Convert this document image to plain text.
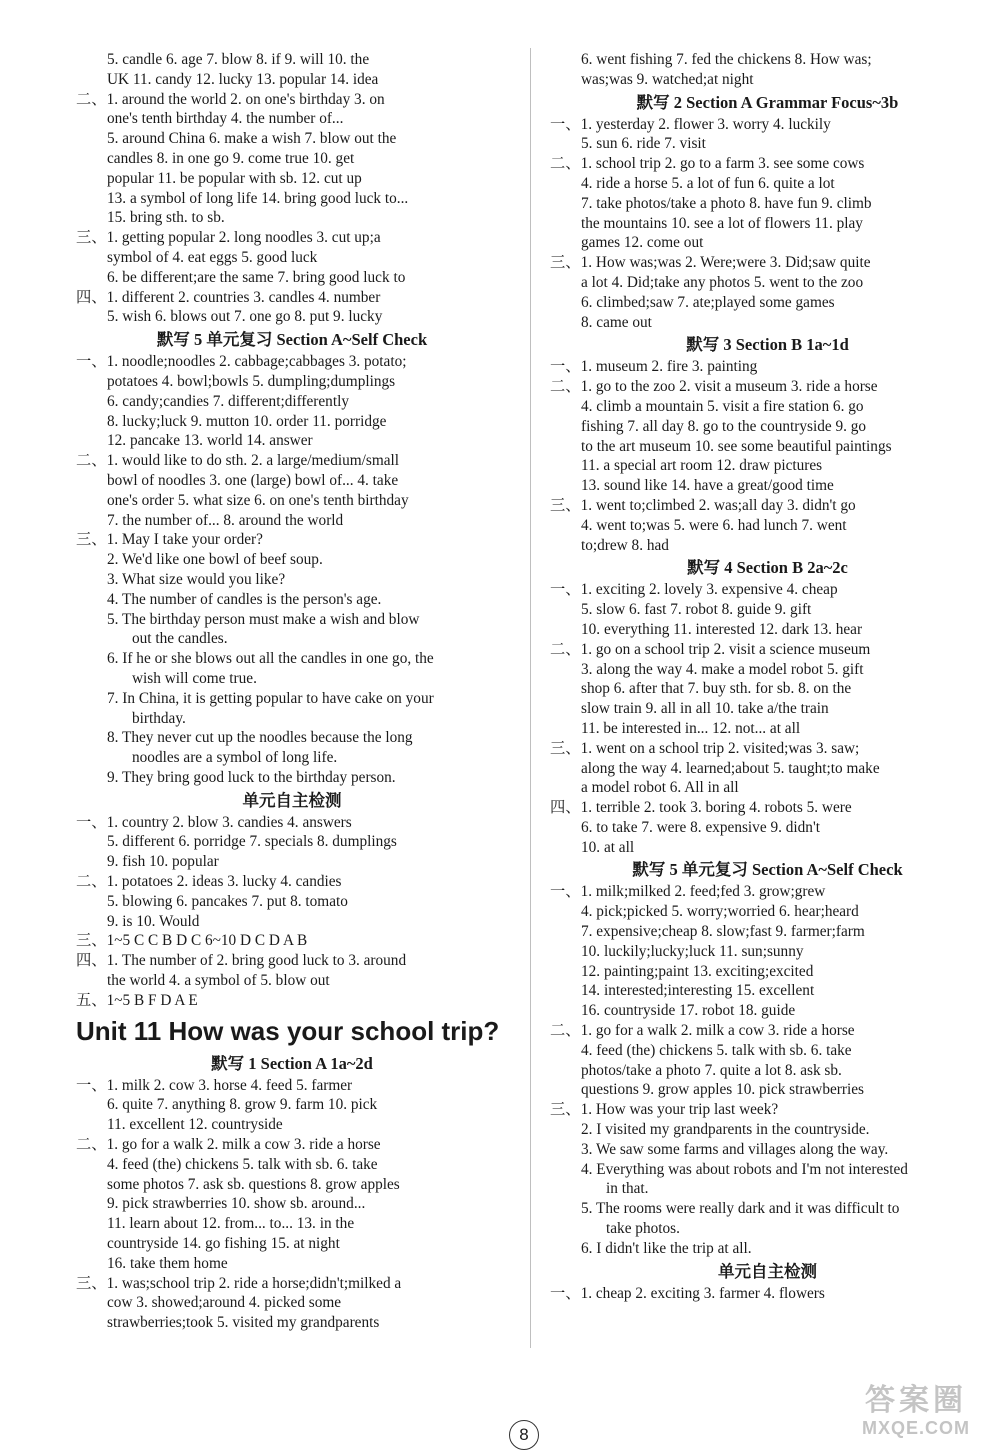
5. candle 6. age 7. blow 8. if 9. will 10. the
UK 11. candy 12. lucky 13. popular 14. idea
二、1. around the world 2. on one's birthday 3. on
one's tenth birthday 4. the number of...
5. around China 6. make a wish 7. blow out the
candles 8. in one go 9. come true 10. get
popular 11. be popular with sb. 12. cut up
13. a symbol of long life 14. bring good luck to...
15. bring sth. to sb.
三、1. getting popular 2. long noodles 3. cut up;a
symbol of 4. eat eggs 5. good luck
6. be different;are the same 7. bring good luck to
四、1. different 2. countries 3. candles 4. number
5. wish 6. blows out 7. one go 8. put 9. lucky
默写 5 单元复习 Section A~Self Check
一、1. noodle;noodles 2. cabbage;cabbages 3. potato;
potatoes 4. bowl;bowls 5. dumpling;dumplings
6. candy;candies 7. different;differently
8. lucky;luck 9. mutton 10. order 11. porridge
12. pancake 13. world 14. answer
二、1. would like to do sth. 2. a large/medium/small
bowl of noodles 3. one (large) bowl of... 4. take
one's order 5. what size 6. on one's tenth birthday
7. the number of... 8. around the world
三、1. May I take your order?
2. We'd like one bowl of beef soup.
3. What size would you like?
4. The number of candles is the person's age.
5. The birthday person must make a wish and blow
out the candles.
6. If he or she blows out all the candles in one go, the
wish will come true.
7. In China, it is getting popular to have cake on your
birthday.
8. They never cut up the noodles because the long
noodles are a symbol of long life.
9. They bring good luck to the birthday person.
单元自主检测
一、1. country 2. blow 3. candies 4. answers
5. different 6. porridge 7. specials 8. dumplings
9. fish 10. popular
二、1. potatoes 2. ideas 3. lucky 4. candies
5. blowing 6. pancakes 7. put 8. tomato
9. is 10. Would
三、1~5 C C B D C 6~10 D C D A B
四、1. The number of 2. bring good luck to 3. around
the world 4. a symbol of 5. blow out
五、1~5 B F D A E
Unit 11 How was your school trip?
默写 1 Section A 1a~2d
一、1. milk 2. cow 3. horse 4. feed 5. farmer
6. quite 7. anything 8. grow 9. farm 10. pick
11. excellent 12. countryside
二、1. go for a walk 2. milk a cow 3. ride a horse
4. feed (the) chickens 5. talk with sb. 6. take
some photos 7. ask sb. questions 8. grow apples
9. pick strawberries 10. show sb. around...
11. learn about 12. from... to... 13. in the
countryside 14. go fishing 15. at night
16. take them home
三、1. was;school trip 2. ride a horse;didn't;milked a
cow 3. showed;around 4. picked some
strawberries;took 5. visited my grandparents
6. went fishing 7. fed the chickens 8. How was;
was;was 9. watched;at night
默写 2 Section A Grammar Focus~3b
一、1. yesterday 2. flower 3. worry 4. luckily
5. sun 6. ride 7. visit
二、1. school trip 2. go to a farm 3. see some cows
4. ride a horse 5. a lot of fun 6. quite a lot
7. take photos/take a photo 8. have fun 9. climb
the mountains 10. see a lot of flowers 11. play
games 12. come out
三、1. How was;was 2. Were;were 3. Did;saw quite
a lot 4. Did;take any photos 5. went to the zoo
6. climbed;saw 7. ate;played some games
8. came out
默写 3 Section B 1a~1d
一、1. museum 2. fire 3. painting
二、1. go to the zoo 2. visit a museum 3. ride a horse
4. climb a mountain 5. visit a fire station 6. go
fishing 7. all day 8. go to the countryside 9. go
to the art museum 10. see some beautiful paintings
11. a special art room 12. draw pictures
13. sound like 14. have a great/good time
三、1. went to;climbed 2. was;all day 3. didn't go
4. went to;was 5. were 6. had lunch 7. went
to;drew 8. had
默写 4 Section B 2a~2c
一、1. exciting 2. lovely 3. expensive 4. cheap
5. slow 6. fast 7. robot 8. guide 9. gift
10. everything 11. interested 12. dark 13. hear
二、1. go on a school trip 2. visit a science museum
3. along the way 4. make a model robot 5. gift
shop 6. after that 7. buy sth. for sb. 8. on the
slow train 9. all in all 10. take a/the train
11. be interested in... 12. not... at all
三、1. went on a school trip 2. visited;was 3. saw;
along the way 4. learned;about 5. taught;to make
a model robot 6. All in all
四、1. terrible 2. took 3. boring 4. robots 5. were
6. to take 7. were 8. expensive 9. didn't
10. at all
默写 5 单元复习 Section A~Self Check
一、1. milk;milked 2. feed;fed 3. grow;grew
4. pick;picked 5. worry;worried 6. hear;heard
7. expensive;cheap 8. slow;fast 9. farmer;farm
10. luckily;lucky;luck 11. sun;sunny
12. painting;paint 13. exciting;excited
14. interested;interesting 15. excellent
16. countryside 17. robot 18. guide
二、1. go for a walk 2. milk a cow 3. ride a horse
4. feed (the) chickens 5. talk with sb. 6. take
photos/take a photo 7. quite a lot 8. ask sb.
questions 9. grow apples 10. pick strawberries
三、1. How was your trip last week?
2. I visited my grandparents in the countryside.
3. We saw some farms and villages along the way.
4. Everything was about robots and I'm not interested
in that.
5. The rooms were really dark and it was difficult to
take photos.
6. I didn't like the trip at all.
单元自主检测
一、1. cheap 2. exciting 3. farmer 4. flowers
8
答案圈
MXQE.COM
